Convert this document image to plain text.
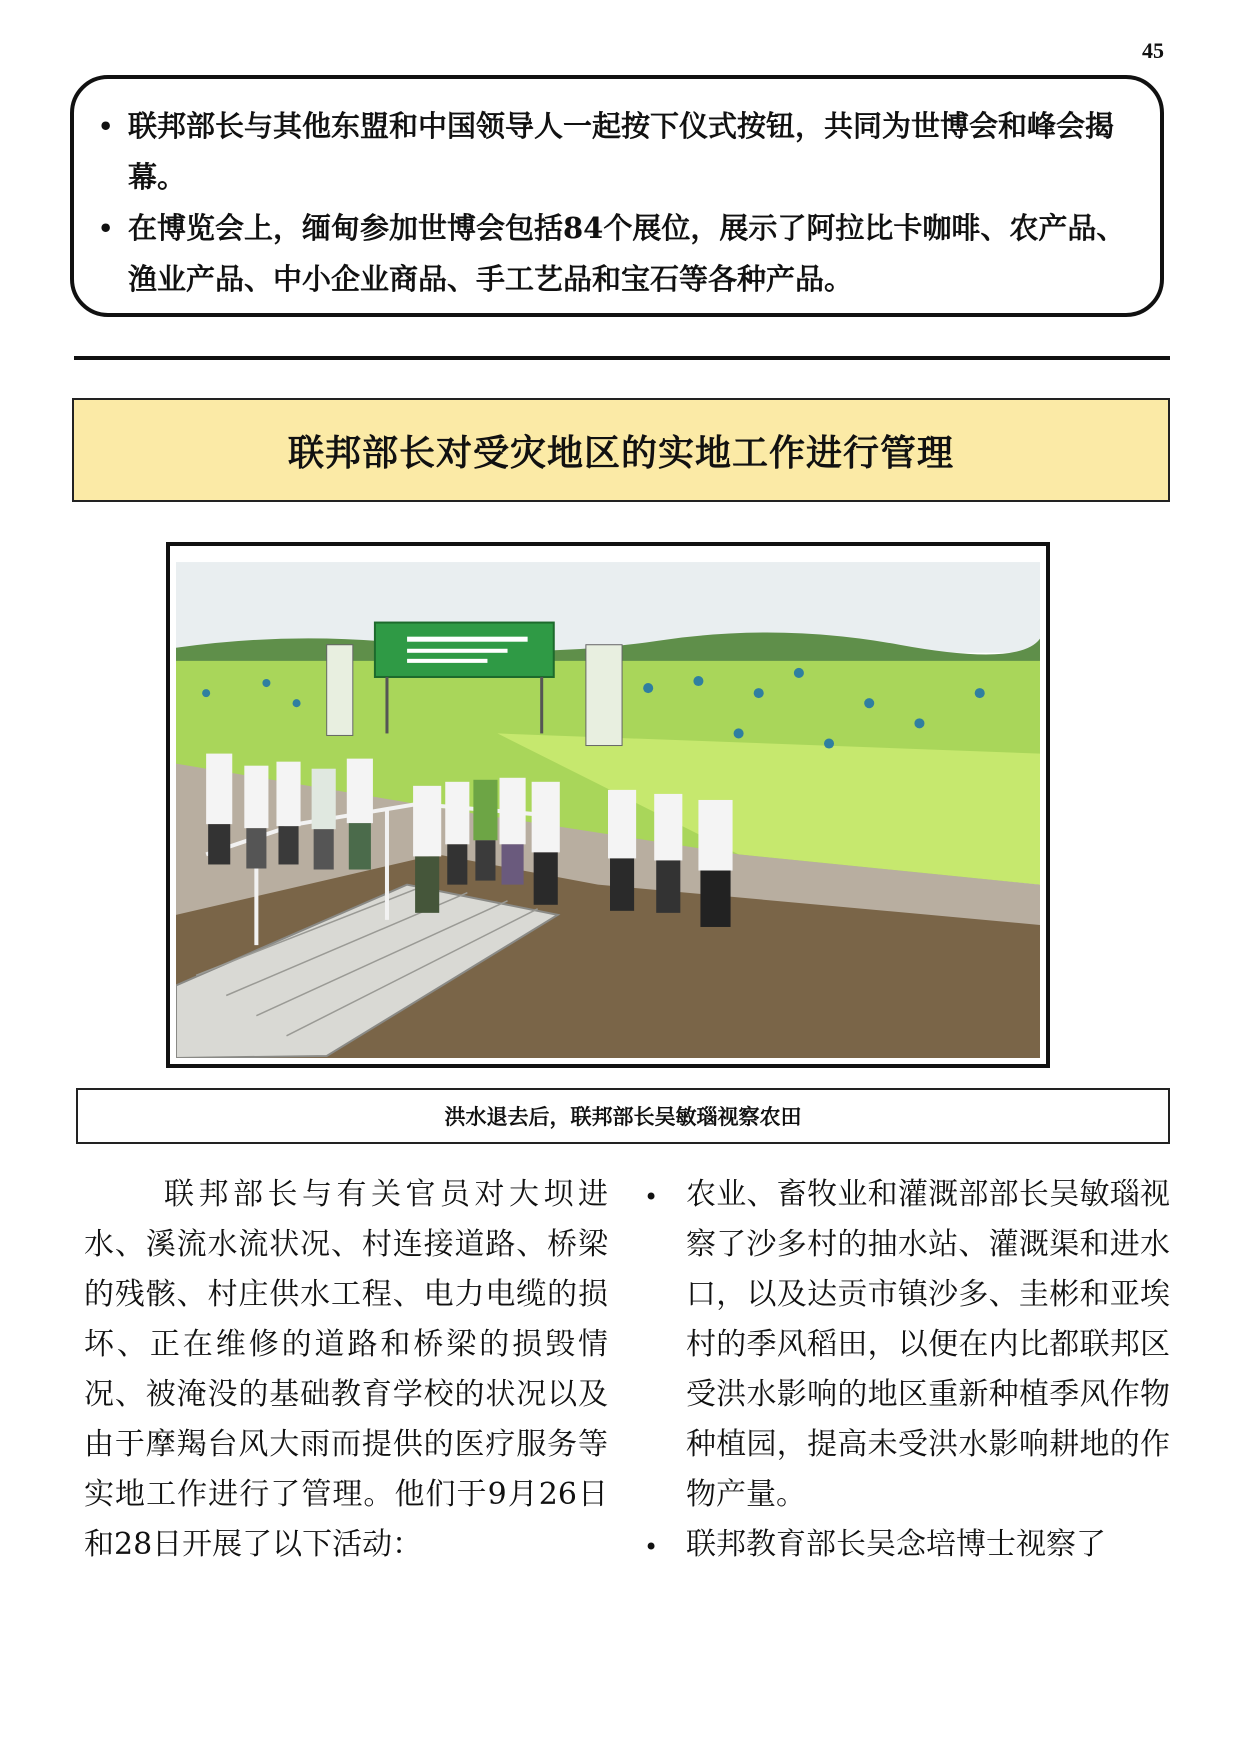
45
• 联邦部长与其他东盟和中国领导人一起按下仪式按钮，共同为世博会和峰会揭幕。
• 在博览会上，缅甸参加世博会包括84个展位，展示了阿拉比卡咖啡、农产品、渔业产品、中小企业商品、手工艺品和宝石等各种产品。
联邦部长对受灾地区的实地工作进行管理
洪水退去后，联邦部长吴敏瑙视察农田

联邦部长与有关官员对大坝进水、溪流水流状况、村连接道路、桥梁的残骸、村庄供水工程、电力电缆的损坏、正在维修的道路和桥梁的损毁情况、被淹没的基础教育学校的状况以及由于摩羯台风大雨而提供的医疗服务等实地工作进行了管理。他们于9月26日和28日开展了以下活动：

• 农业、畜牧业和灌溉部部长吴敏瑙视察了沙多村的抽水站、灌溉渠和进水口，以及达贡市镇沙多、圭彬和亚埃村的季风稻田，以便在内比都联邦区受洪水影响的地区重新种植季风作物种植园，提高未受洪水影响耕地的作物产量。
• 联邦教育部长吴念培博士视察了
